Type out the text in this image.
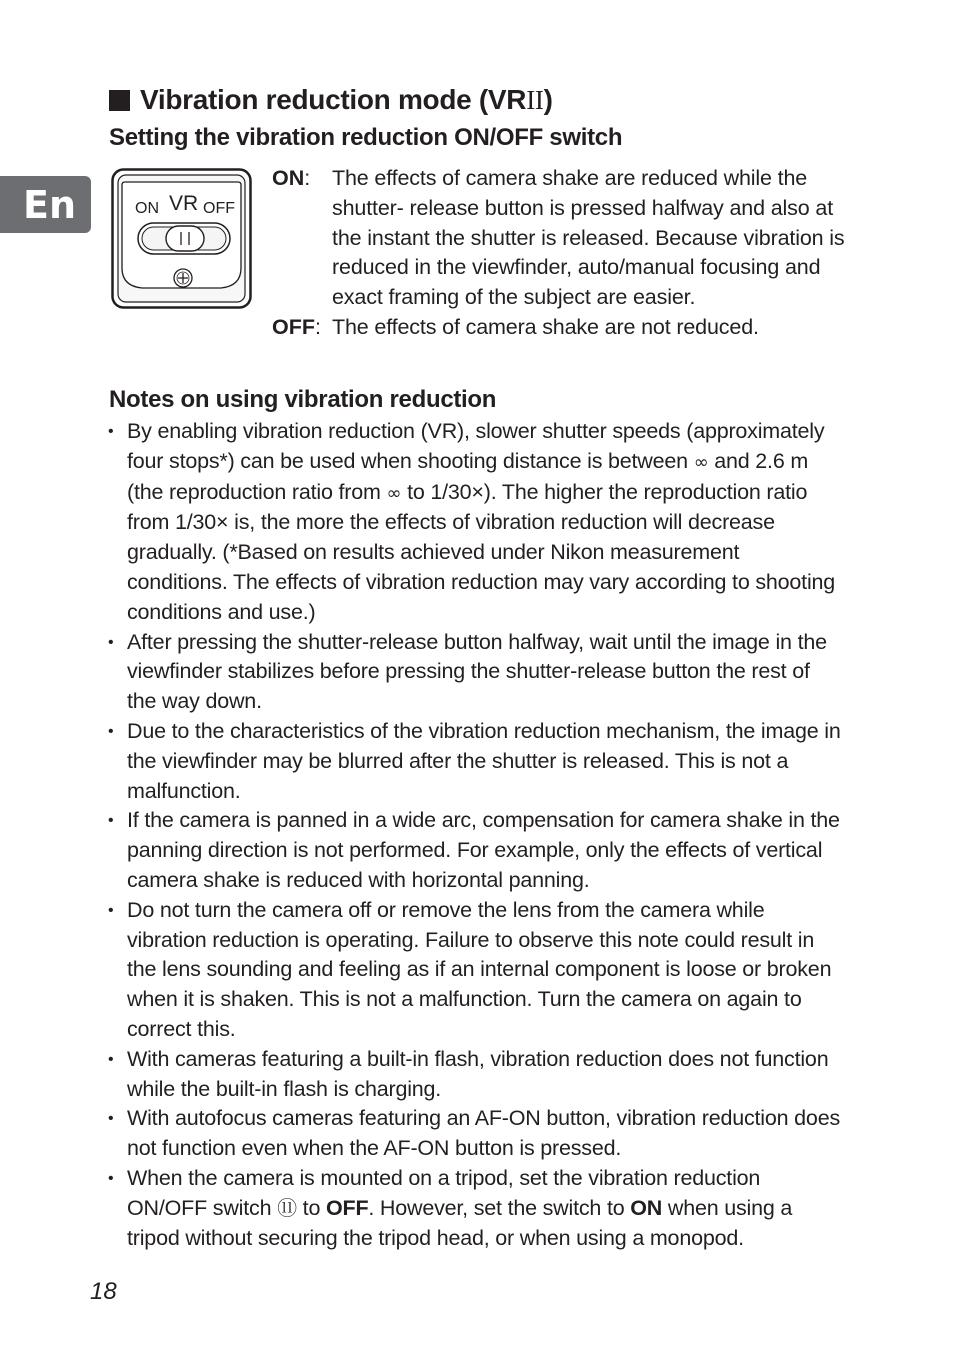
En
Vibration reduction mode (VR II )
Setting the vibration reduction ON/OFF switch
ON VR OFF
ON:	The effects of camera shake are reduced while the shutter- release button is pressed halfway and also at the instant the shutter is released. Because vibration is reduced in the viewfinder, auto/manual focusing and exact framing of the subject are easier.
OFF: The effects of camera shake are not reduced.
Notes on using vibration reduction
• By enabling vibration reduction (VR), slower shutter speeds (approximately four stops*) can be used when shooting distance is between ∞ and 2.6 m (the reproduction ratio from ∞ to 1/30×). The higher the reproduction ratio from 1/30× is, the more the effects of vibration reduction will decrease gradually. (*Based on results achieved under Nikon measurement conditions. The effects of vibration reduction may vary according to shooting conditions and use.)
• After pressing the shutter-release button halfway, wait until the image in the viewfinder stabilizes before pressing the shutter-release button the rest of the way down.
• Due to the characteristics of the vibration reduction mechanism, the image in the viewfinder may be blurred after the shutter is released. This is not a malfunction.
• If the camera is panned in a wide arc, compensation for camera shake in the panning direction is not performed. For example, only the effects of vertical camera shake is reduced with horizontal panning.
• Do not turn the camera off or remove the lens from the camera while vibration reduction is operating. Failure to observe this note could result in the lens sounding and feeling as if an internal component is loose or broken when it is shaken. This is not a malfunction. Turn the camera on again to correct this.
• With cameras featuring a built-in flash, vibration reduction does not function while the built-in flash is charging.
• With autofocus cameras featuring an AF-ON button, vibration reduction does not function even when the AF-ON button is pressed.
• When the camera is mounted on a tripod, set the vibration reduction ON/OFF switch ⑪ to OFF. However, set the switch to ON when using a tripod without securing the tripod head, or when using a monopod.
18
